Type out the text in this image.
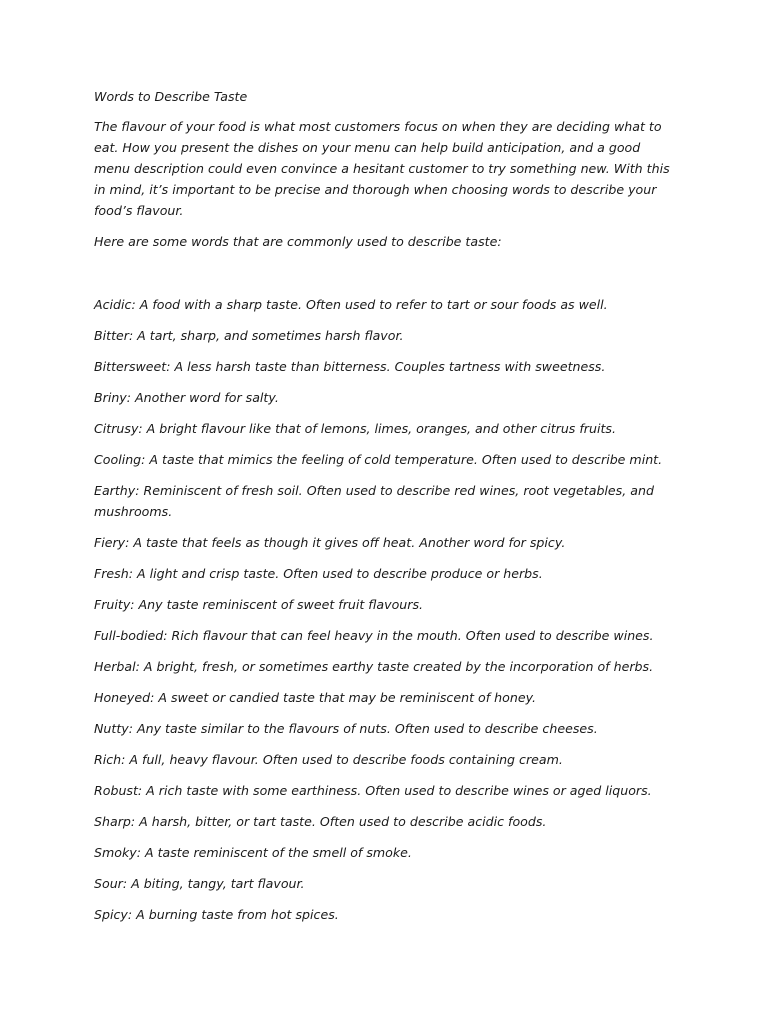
Words to Describe Taste

The flavour of your food is what most customers focus on when they are deciding what to eat. How you present the dishes on your menu can help build anticipation, and a good menu description could even convince a hesitant customer to try something new. With this in mind, it’s important to be precise and thorough when choosing words to describe your food’s flavour.

Here are some words that are commonly used to describe taste:

Acidic: A food with a sharp taste. Often used to refer to tart or sour foods as well.
Bitter: A tart, sharp, and sometimes harsh flavor.
Bittersweet: A less harsh taste than bitterness. Couples tartness with sweetness.
Briny: Another word for salty.
Citrusy: A bright flavour like that of lemons, limes, oranges, and other citrus fruits.
Cooling: A taste that mimics the feeling of cold temperature. Often used to describe mint.
Earthy: Reminiscent of fresh soil. Often used to describe red wines, root vegetables, and mushrooms.
Fiery: A taste that feels as though it gives off heat. Another word for spicy.
Fresh: A light and crisp taste. Often used to describe produce or herbs.
Fruity: Any taste reminiscent of sweet fruit flavours.
Full-bodied: Rich flavour that can feel heavy in the mouth. Often used to describe wines.
Herbal: A bright, fresh, or sometimes earthy taste created by the incorporation of herbs.
Honeyed: A sweet or candied taste that may be reminiscent of honey.
Nutty: Any taste similar to the flavours of nuts. Often used to describe cheeses.
Rich: A full, heavy flavour. Often used to describe foods containing cream.
Robust: A rich taste with some earthiness. Often used to describe wines or aged liquors.
Sharp: A harsh, bitter, or tart taste. Often used to describe acidic foods.
Smoky: A taste reminiscent of the smell of smoke.
Sour: A biting, tangy, tart flavour.
Spicy: A burning taste from hot spices.
